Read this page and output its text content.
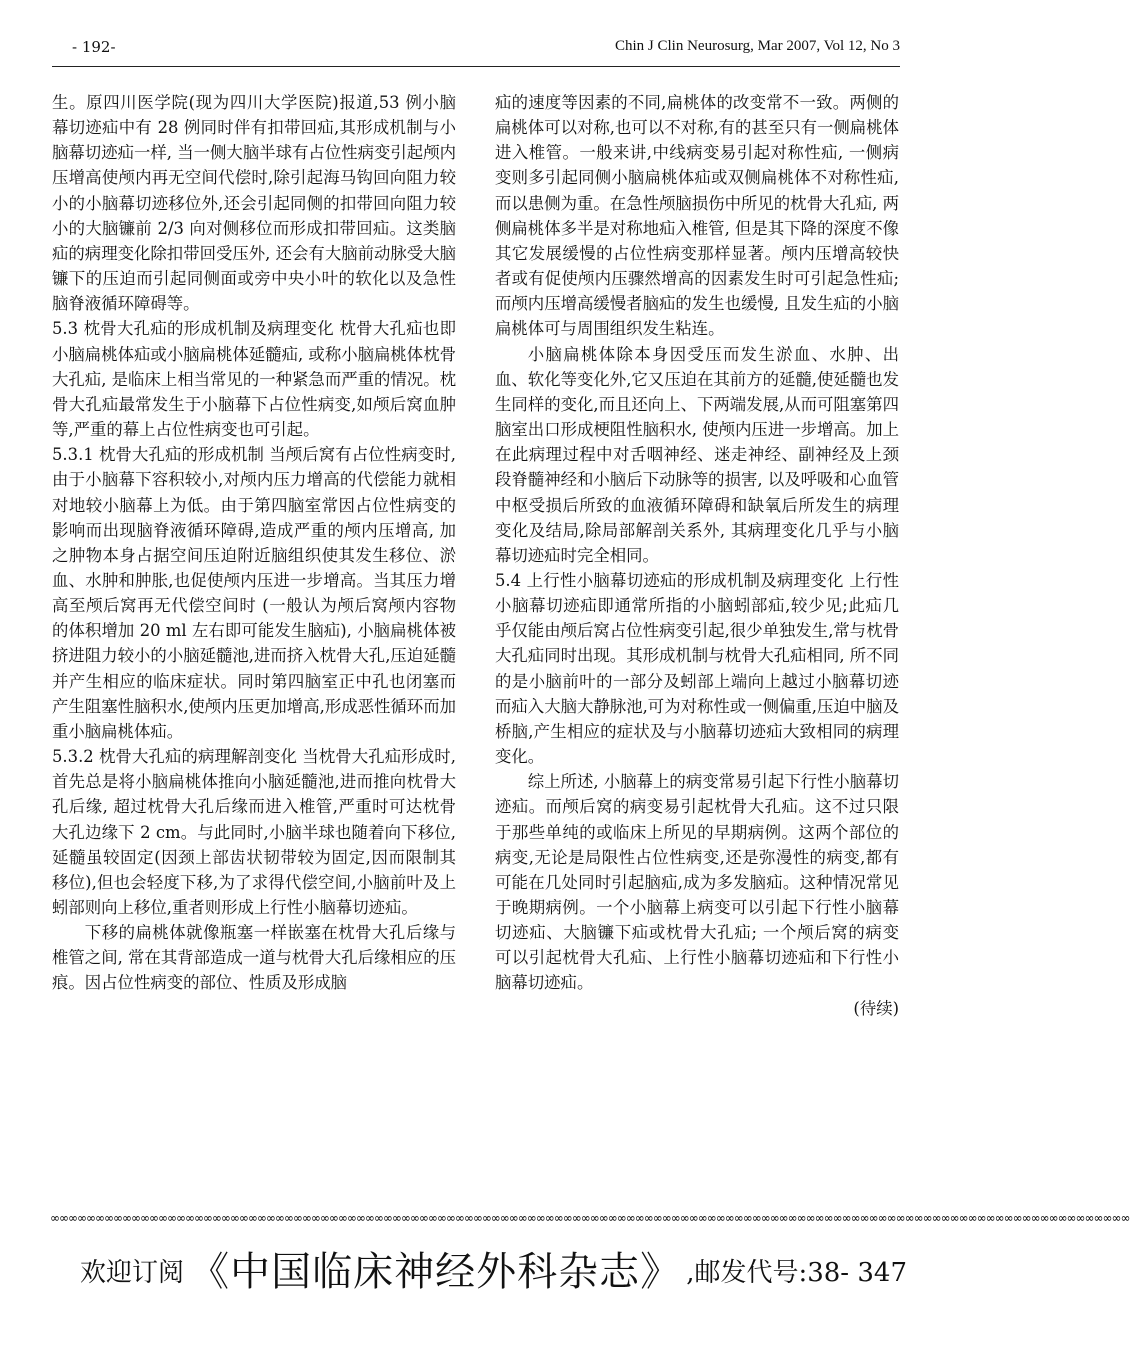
- 192-	Chin J Clin Neurosurg, Mar 2007, Vol 12, No 3

生。原四川医学院(现为四川大学医院)报道,53 例小脑幕切迹疝中有 28 例同时伴有扣带回疝,其形成机制与小脑幕切迹疝一样, 当一侧大脑半球有占位性病变引起颅内压增高使颅内再无空间代偿时,除引起海马钩回向阻力较小的小脑幕切迹移位外,还会引起同侧的扣带回向阻力较小的大脑镰前 2/3 向对侧移位而形成扣带回疝。这类脑疝的病理变化除扣带回受压外, 还会有大脑前动脉受大脑镰下的压迫而引起同侧面或旁中央小叶的软化以及急性脑脊液循环障碍等。

5.3 枕骨大孔疝的形成机制及病理变化 枕骨大孔疝也即小脑扁桃体疝或小脑扁桃体延髓疝, 或称小脑扁桃体枕骨大孔疝, 是临床上相当常见的一种紧急而严重的情况。枕骨大孔疝最常发生于小脑幕下占位性病变,如颅后窝血肿等,严重的幕上占位性病变也可引起。

5.3.1 枕骨大孔疝的形成机制 当颅后窝有占位性病变时,由于小脑幕下容积较小,对颅内压力增高的代偿能力就相对地较小脑幕上为低。由于第四脑室常因占位性病变的影响而出现脑脊液循环障碍,造成严重的颅内压增高, 加之肿物本身占据空间压迫附近脑组织使其发生移位、淤血、水肿和肿胀,也促使颅内压进一步增高。当其压力增高至颅后窝再无代偿空间时 (一般认为颅后窝颅内容物的体积增加 20 ml 左右即可能发生脑疝), 小脑扁桃体被挤进阻力较小的小脑延髓池,进而挤入枕骨大孔,压迫延髓并产生相应的临床症状。同时第四脑室正中孔也闭塞而产生阻塞性脑积水,使颅内压更加增高,形成恶性循环而加重小脑扁桃体疝。

5.3.2 枕骨大孔疝的病理解剖变化 当枕骨大孔疝形成时,首先总是将小脑扁桃体推向小脑延髓池,进而推向枕骨大孔后缘, 超过枕骨大孔后缘而进入椎管,严重时可达枕骨大孔边缘下 2 cm。与此同时,小脑半球也随着向下移位,延髓虽较固定(因颈上部齿状韧带较为固定,因而限制其移位),但也会轻度下移,为了求得代偿空间,小脑前叶及上蚓部则向上移位,重者则形成上行性小脑幕切迹疝。

下移的扁桃体就像瓶塞一样嵌塞在枕骨大孔后缘与椎管之间, 常在其背部造成一道与枕骨大孔后缘相应的压痕。因占位性病变的部位、性质及形成脑

疝的速度等因素的不同,扁桃体的改变常不一致。两侧的扁桃体可以对称,也可以不对称,有的甚至只有一侧扁桃体进入椎管。一般来讲,中线病变易引起对称性疝, 一侧病变则多引起同侧小脑扁桃体疝或双侧扁桃体不对称性疝,而以患侧为重。在急性颅脑损伤中所见的枕骨大孔疝, 两侧扁桃体多半是对称地疝入椎管, 但是其下降的深度不像其它发展缓慢的占位性病变那样显著。颅内压增高较快者或有促使颅内压骤然增高的因素发生时可引起急性疝; 而颅内压增高缓慢者脑疝的发生也缓慢, 且发生疝的小脑扁桃体可与周围组织发生粘连。

小脑扁桃体除本身因受压而发生淤血、水肿、出血、软化等变化外,它又压迫在其前方的延髓,使延髓也发生同样的变化,而且还向上、下两端发展,从而可阻塞第四脑室出口形成梗阻性脑积水, 使颅内压进一步增高。加上在此病理过程中对舌咽神经、迷走神经、副神经及上颈段脊髓神经和小脑后下动脉等的损害, 以及呼吸和心血管中枢受损后所致的血液循环障碍和缺氧后所发生的病理变化及结局,除局部解剖关系外, 其病理变化几乎与小脑幕切迹疝时完全相同。

5.4 上行性小脑幕切迹疝的形成机制及病理变化 上行性小脑幕切迹疝即通常所指的小脑蚓部疝,较少见;此疝几乎仅能由颅后窝占位性病变引起,很少单独发生,常与枕骨大孔疝同时出现。其形成机制与枕骨大孔疝相同, 所不同的是小脑前叶的一部分及蚓部上端向上越过小脑幕切迹而疝入大脑大静脉池,可为对称性或一侧偏重,压迫中脑及桥脑,产生相应的症状及与小脑幕切迹疝大致相同的病理变化。

综上所述, 小脑幕上的病变常易引起下行性小脑幕切迹疝。而颅后窝的病变易引起枕骨大孔疝。这不过只限于那些单纯的或临床上所见的早期病例。这两个部位的病变,无论是局限性占位性病变,还是弥漫性的病变,都有可能在几处同时引起脑疝,成为多发脑疝。这种情况常见于晚期病例。一个小脑幕上病变可以引起下行性小脑幕切迹疝、大脑镰下疝或枕骨大孔疝; 一个颅后窝的病变可以引起枕骨大孔疝、上行性小脑幕切迹疝和下行性小脑幕切迹疝。

(待续)
∞∞∞∞∞∞∞∞∞∞∞∞∞∞∞∞∞∞∞∞∞∞∞∞∞∞∞∞∞∞∞∞∞∞∞∞∞∞∞∞∞∞∞∞∞∞∞∞∞∞∞∞∞∞∞∞∞∞∞∞∞∞∞∞∞∞∞∞∞∞∞∞∞∞∞∞∞∞∞∞∞∞∞∞∞∞∞∞∞∞∞∞∞∞∞∞∞∞∞∞∞∞∞∞∞∞∞∞∞∞∞∞∞∞∞∞∞∞∞∞
欢迎订阅 《中国临床神经外科杂志》 ,邮发代号:38- 347
